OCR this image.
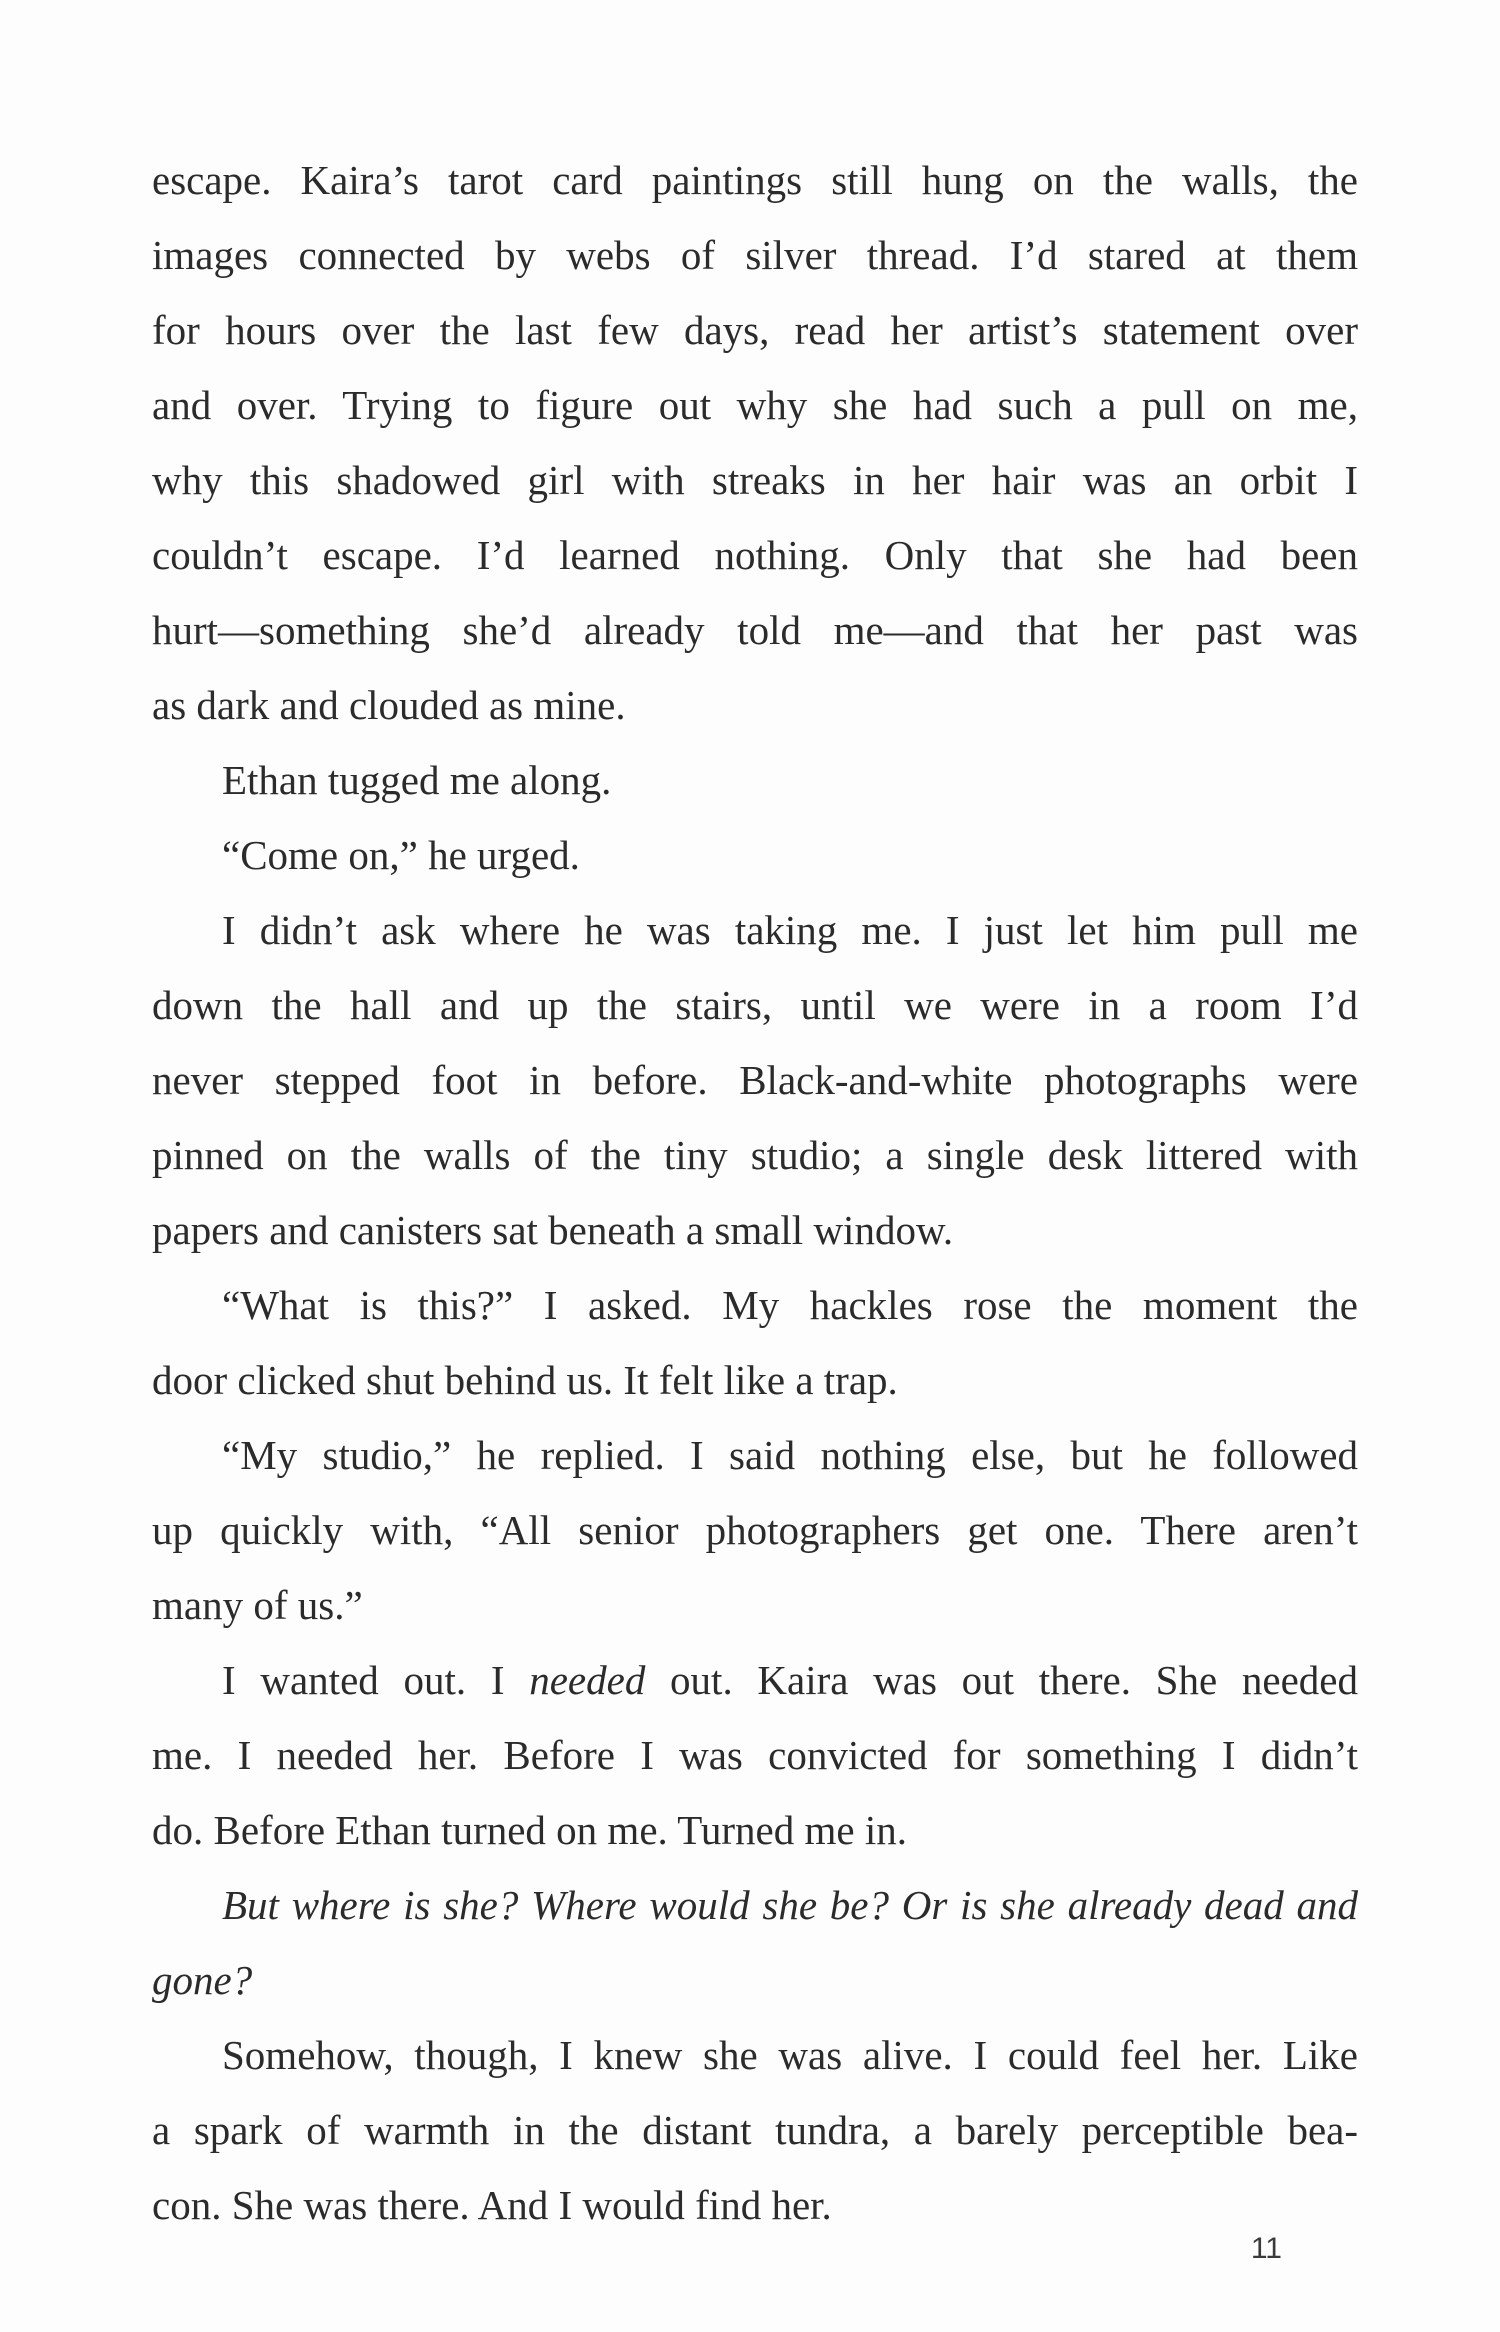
escape. Kaira’s tarot card paintings still hung on the walls, the
images connected by webs of silver thread. I’d stared at them
for hours over the last few days, read her artist’s statement over
and over. Trying to figure out why she had such a pull on me,
why this shadowed girl with streaks in her hair was an orbit I
couldn’t escape. I’d learned nothing. Only that she had been
hurt—something she’d already told me—and that her past was
as dark and clouded as mine.
Ethan tugged me along.
“Come on,” he urged.
I didn’t ask where he was taking me. I just let him pull me
down the hall and up the stairs, until we were in a room I’d
never stepped foot in before. Black-and-white photographs were
pinned on the walls of the tiny studio; a single desk littered with
papers and canisters sat beneath a small window.
“What is this?” I asked. My hackles rose the moment the
door clicked shut behind us. It felt like a trap.
“My studio,” he replied. I said nothing else, but he followed
up quickly with, “All senior photographers get one. There aren’t
many of us.”
I wanted out. I needed out. Kaira was out there. She needed
me. I needed her. Before I was convicted for something I didn’t
do. Before Ethan turned on me. Turned me in.
But where is she? Where would she be? Or is she already dead and
gone?
Somehow, though, I knew she was alive. I could feel her. Like
a spark of warmth in the distant tundra, a barely perceptible bea-
con. She was there. And I would find her.
11
